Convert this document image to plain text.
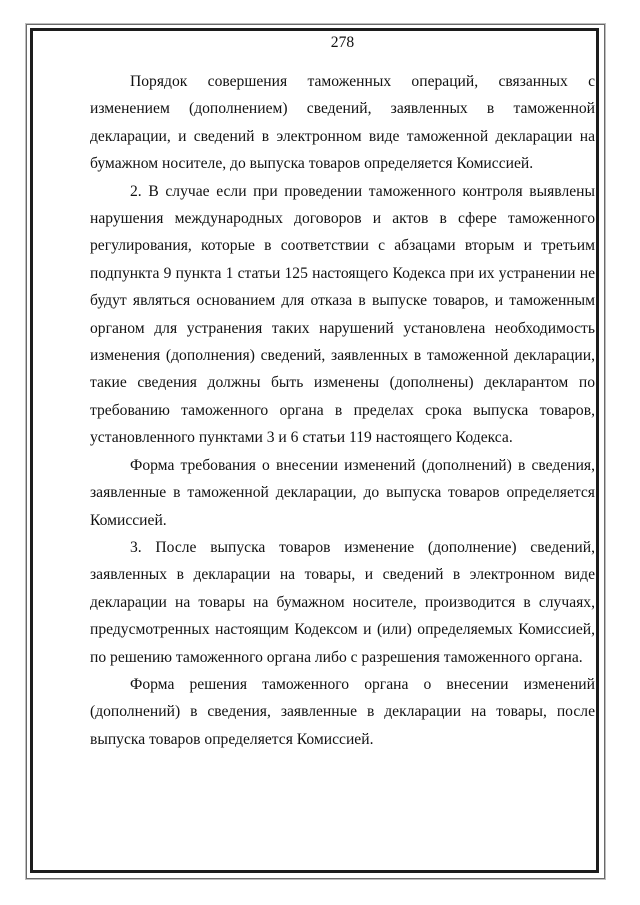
278

Порядок совершения таможенных операций, связанных с изменением (дополнением) сведений, заявленных в таможенной декларации, и сведений в электронном виде таможенной декларации на бумажном носителе, до выпуска товаров определяется Комиссией.

2. В случае если при проведении таможенного контроля выявлены нарушения международных договоров и актов в сфере таможенного регулирования, которые в соответствии с абзацами вторым и третьим подпункта 9 пункта 1 статьи 125 настоящего Кодекса при их устранении не будут являться основанием для отказа в выпуске товаров, и таможенным органом для устранения таких нарушений установлена необходимость изменения (дополнения) сведений, заявленных в таможенной декларации, такие сведения должны быть изменены (дополнены) декларантом по требованию таможенного органа в пределах срока выпуска товаров, установленного пунктами 3 и 6 статьи 119 настоящего Кодекса.

Форма требования о внесении изменений (дополнений) в сведения, заявленные в таможенной декларации, до выпуска товаров определяется Комиссией.

3. После выпуска товаров изменение (дополнение) сведений, заявленных в декларации на товары, и сведений в электронном виде декларации на товары на бумажном носителе, производится в случаях, предусмотренных настоящим Кодексом и (или) определяемых Комиссией, по решению таможенного органа либо с разрешения таможенного органа.

Форма решения таможенного органа о внесении изменений (дополнений) в сведения, заявленные в декларации на товары, после выпуска товаров определяется Комиссией.
